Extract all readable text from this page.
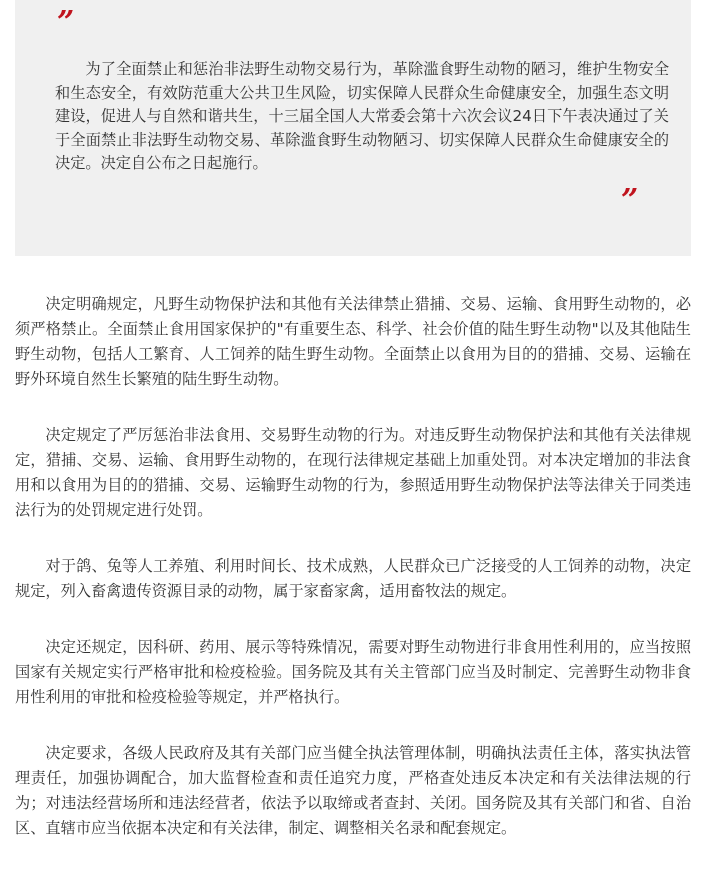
”

为了全面禁止和惩治非法野生动物交易行为，革除滥食野生动物的陋习，维护生物安全和生态安全，有效防范重大公共卫生风险，切实保障人民群众生命健康安全，加强生态文明建设，促进人与自然和谐共生，十三届全国人大常委会第十六次会议24日下午表决通过了关于全面禁止非法野生动物交易、革除滥食野生动物陋习、切实保障人民群众生命健康安全的决定。决定自公布之日起施行。

”

决定明确规定，凡野生动物保护法和其他有关法律禁止猎捕、交易、运输、食用野生动物的，必须严格禁止。全面禁止食用国家保护的"有重要生态、科学、社会价值的陆生野生动物"以及其他陆生野生动物，包括人工繁育、人工饲养的陆生野生动物。全面禁止以食用为目的的猎捕、交易、运输在野外环境自然生长繁殖的陆生野生动物。

决定规定了严厉惩治非法食用、交易野生动物的行为。对违反野生动物保护法和其他有关法律规定，猎捕、交易、运输、食用野生动物的，在现行法律规定基础上加重处罚。对本决定增加的非法食用和以食用为目的的猎捕、交易、运输野生动物的行为，参照适用野生动物保护法等法律关于同类违法行为的处罚规定进行处罚。

对于鸽、兔等人工养殖、利用时间长、技术成熟，人民群众已广泛接受的人工饲养的动物，决定规定，列入畜禽遗传资源目录的动物，属于家畜家禽，适用畜牧法的规定。

决定还规定，因科研、药用、展示等特殊情况，需要对野生动物进行非食用性利用的，应当按照国家有关规定实行严格审批和检疫检验。国务院及其有关主管部门应当及时制定、完善野生动物非食用性利用的审批和检疫检验等规定，并严格执行。

决定要求，各级人民政府及其有关部门应当健全执法管理体制，明确执法责任主体，落实执法管理责任，加强协调配合，加大监督检查和责任追究力度，严格查处违反本决定和有关法律法规的行为；对违法经营场所和违法经营者，依法予以取缔或者查封、关闭。国务院及其有关部门和省、自治区、直辖市应当依据本决定和有关法律，制定、调整相关名录和配套规定。
